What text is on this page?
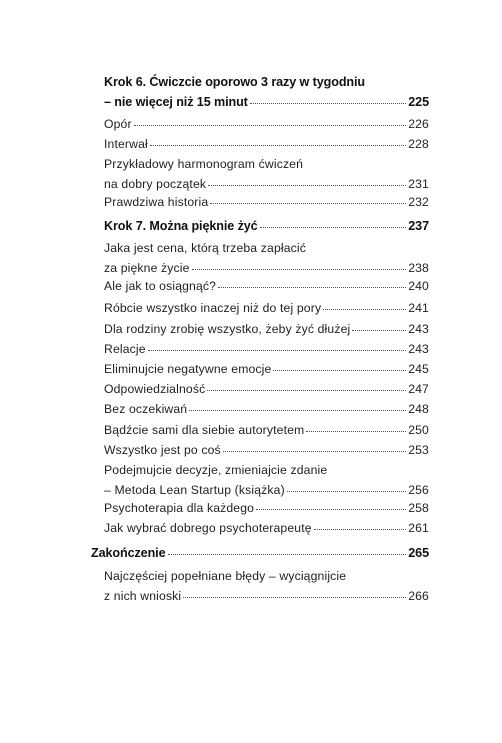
Krok 6. Ćwiczcie oporowo 3 razy w tygodniu
– nie więcej niż 15 minut	225
Opór	226
Interwał	228
Przykładowy harmonogram ćwiczeń
na dobry początek	231
Prawdziwa historia	232
Krok 7. Można pięknie żyć	237
Jaka jest cena, którą trzeba zapłacić
za piękne życie	238
Ale jak to osiągnąć?	240
Róbcie wszystko inaczej niż do tej pory	241
Dla rodziny zrobię wszystko, żeby żyć dłużej	243
Relacje	243
Eliminujcie negatywne emocje	245
Odpowiedzialność	247
Bez oczekiwań	248
Bądźcie sami dla siebie autorytetem	250
Wszystko jest po coś	253
Podejmujcie decyzje, zmieniajcie zdanie
– Metoda Lean Startup (książka)	256
Psychoterapia dla każdego	258
Jak wybrać dobrego psychoterapeutę	261
Zakończenie	265
Najczęściej popełniane błędy – wyciągnijcie
z nich wnioski	266
